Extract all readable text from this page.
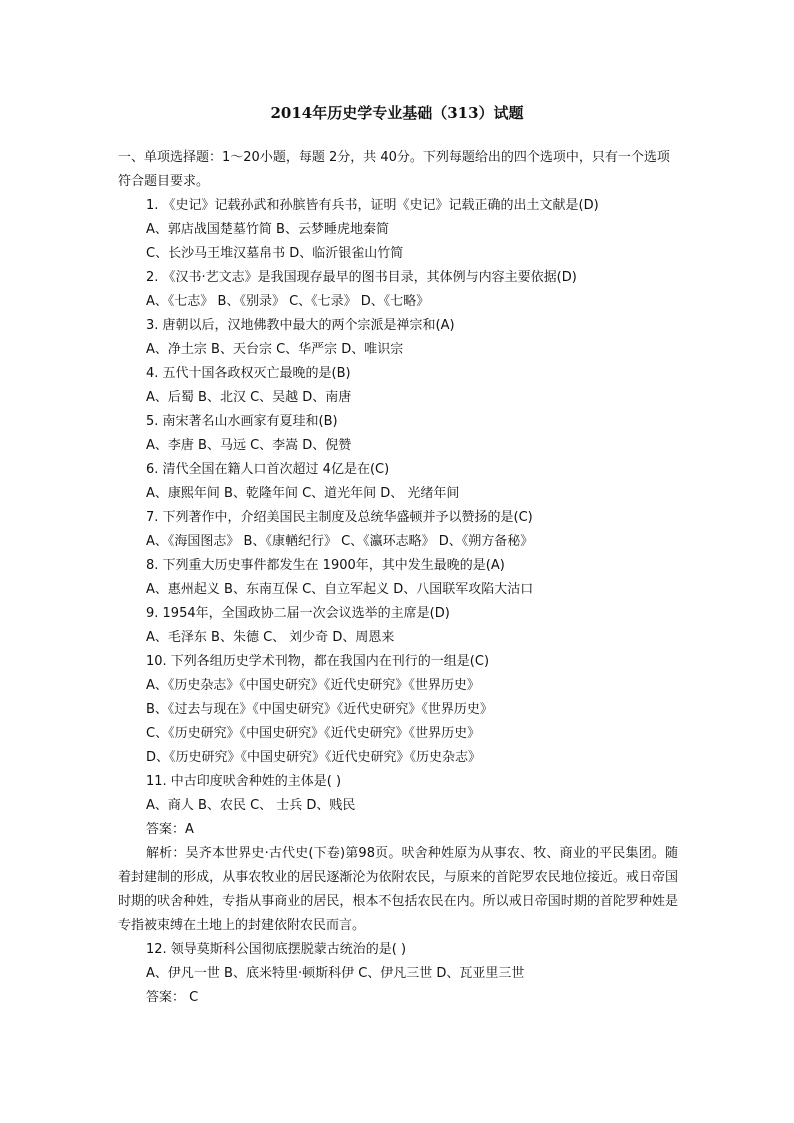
2014年历史学专业基础（313）试题
一、单项选择题：1～20小题，每题 2分，共 40分。下列每题给出的四个选项中，只有一个选项符合题目要求。
1. 《史记》记载孙武和孙膑皆有兵书，证明《史记》记载正确的出土文献是(D)
A、郭店战国楚墓竹简 B、云梦睡虎地秦简
C、长沙马王堆汉墓帛书 D、临沂银雀山竹简
2. 《汉书·艺文志》是我国现存最早的图书目录，其体例与内容主要依据(D)
A、《七志》 B、《别录》 C、《七录》 D、《七略》
3. 唐朝以后，汉地佛教中最大的两个宗派是禅宗和(A)
A、净土宗 B、天台宗 C、华严宗 D、唯识宗
4. 五代十国各政权灭亡最晚的是(B)
A、后蜀 B、北汉 C、吴越 D、南唐
5. 南宋著名山水画家有夏珪和(B)
A、李唐 B、马远 C、李嵩 D、倪赞
6. 清代全国在籍人口首次超过 4亿是在(C)
A、康熙年间 B、乾隆年间 C、道光年间 D、 光绪年间
7. 下列著作中，介绍美国民主制度及总统华盛顿并予以赞扬的是(C)
A、《海国图志》 B、《康輶纪行》 C、《瀛环志略》 D、《朔方备秘》
8. 下列重大历史事件都发生在 1900年，其中发生最晚的是(A)
A、惠州起义 B、东南互保 C、自立军起义 D、八国联军攻陷大沽口
9. 1954年，全国政协二届一次会议选举的主席是(D)
A、毛泽东 B、朱德 C、 刘少奇 D、周恩来
10. 下列各组历史学术刊物，都在我国内在刊行的一组是(C)
A、《历史杂志》《中国史研究》《近代史研究》《世界历史》
B、《过去与现在》《中国史研究》《近代史研究》《世界历史》
C、《历史研究》《中国史研究》《近代史研究》《世界历史》
D、《历史研究》《中国史研究》《近代史研究》《历史杂志》
11. 中古印度吠舍种姓的主体是( )
A、商人 B、农民 C、 士兵 D、贱民
答案：A
解析：吴齐本世界史·古代史(下卷)第98页。吠舍种姓原为从事农、牧、商业的平民集团。随着封建制的形成，从事农牧业的居民逐渐沦为依附农民，与原来的首陀罗农民地位接近。戒日帝国时期的吠舍种姓，专指从事商业的居民，根本不包括农民在内。所以戒日帝国时期的首陀罗种姓是专指被束缚在土地上的封建依附农民而言。
12. 领导莫斯科公国彻底摆脱蒙古统治的是( )
A、伊凡一世 B、底米特里·顿斯科伊 C、伊凡三世 D、瓦亚里三世
答案： C
